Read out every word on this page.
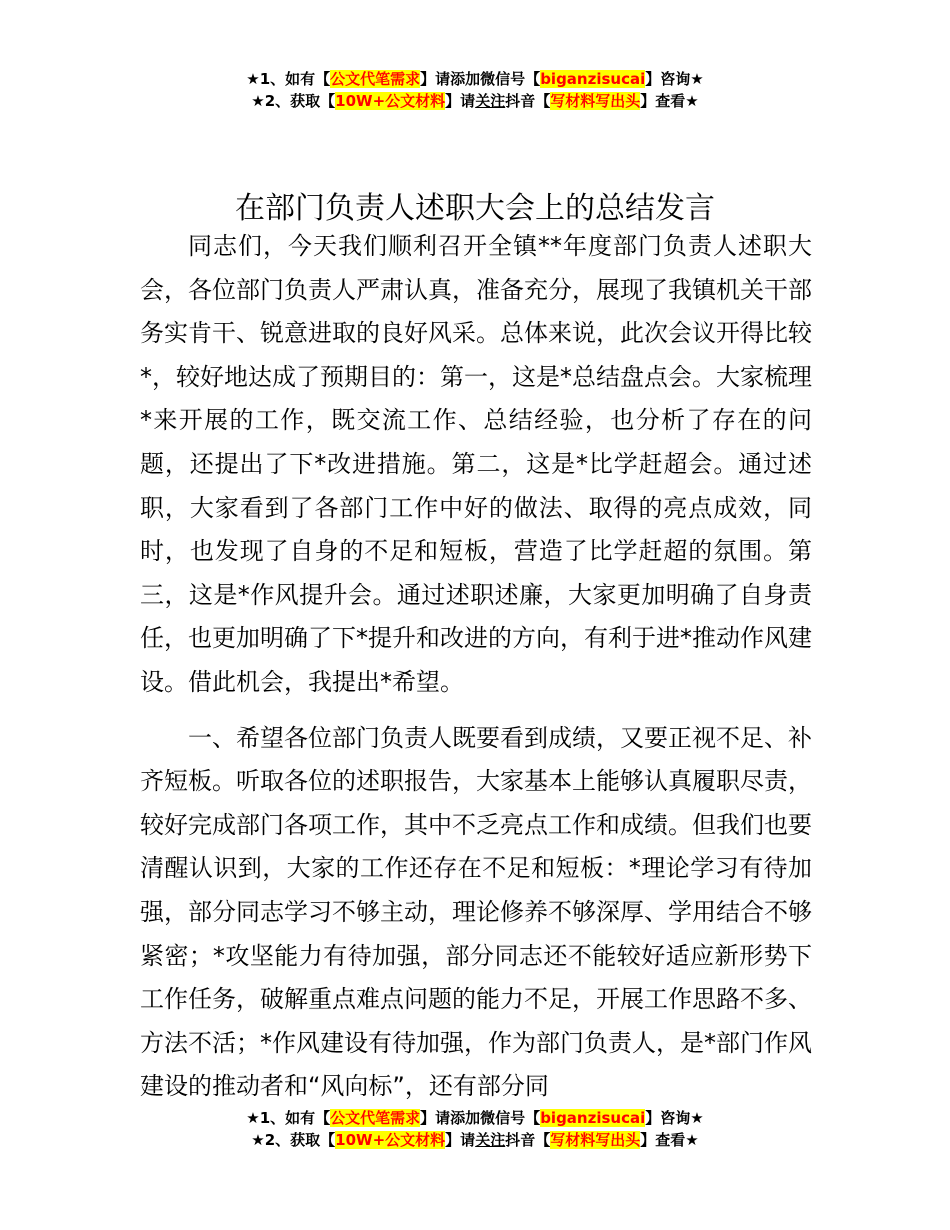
★1、如有【公文代笔需求】请添加微信号【biganzisucai】咨询★
★2、获取【10W+公文材料】请关注抖音【写材料写出头】查看★
在部门负责人述职大会上的总结发言

同志们，今天我们顺利召开全镇**年度部门负责人述职大会，各位部门负责人严肃认真，准备充分，展现了我镇机关干部务实肯干、锐意进取的良好风采。总体来说，此次会议开得比较*，较好地达成了预期目的：第一，这是*总结盘点会。大家梳理*来开展的工作，既交流工作、总结经验，也分析了存在的问题，还提出了下*改进措施。第二，这是*比学赶超会。通过述职，大家看到了各部门工作中好的做法、取得的亮点成效，同时，也发现了自身的不足和短板，营造了比学赶超的氛围。第三，这是*作风提升会。通过述职述廉，大家更加明确了自身责任，也更加明确了下*提升和改进的方向，有利于进*推动作风建设。借此机会，我提出*希望。

一、希望各位部门负责人既要看到成绩，又要正视不足、补齐短板。听取各位的述职报告，大家基本上能够认真履职尽责，较好完成部门各项工作，其中不乏亮点工作和成绩。但我们也要清醒认识到，大家的工作还存在不足和短板：*理论学习有待加强，部分同志学习不够主动，理论修养不够深厚、学用结合不够紧密；*攻坚能力有待加强，部分同志还不能较好适应新形势下工作任务，破解重点难点问题的能力不足，开展工作思路不多、方法不活；*作风建设有待加强，作为部门负责人，是*部门作风建设的推动者和“风向标”，还有部分同

★1、如有【公文代笔需求】请添加微信号【biganzisucai】咨询★
★2、获取【10W+公文材料】请关注抖音【写材料写出头】查看★
